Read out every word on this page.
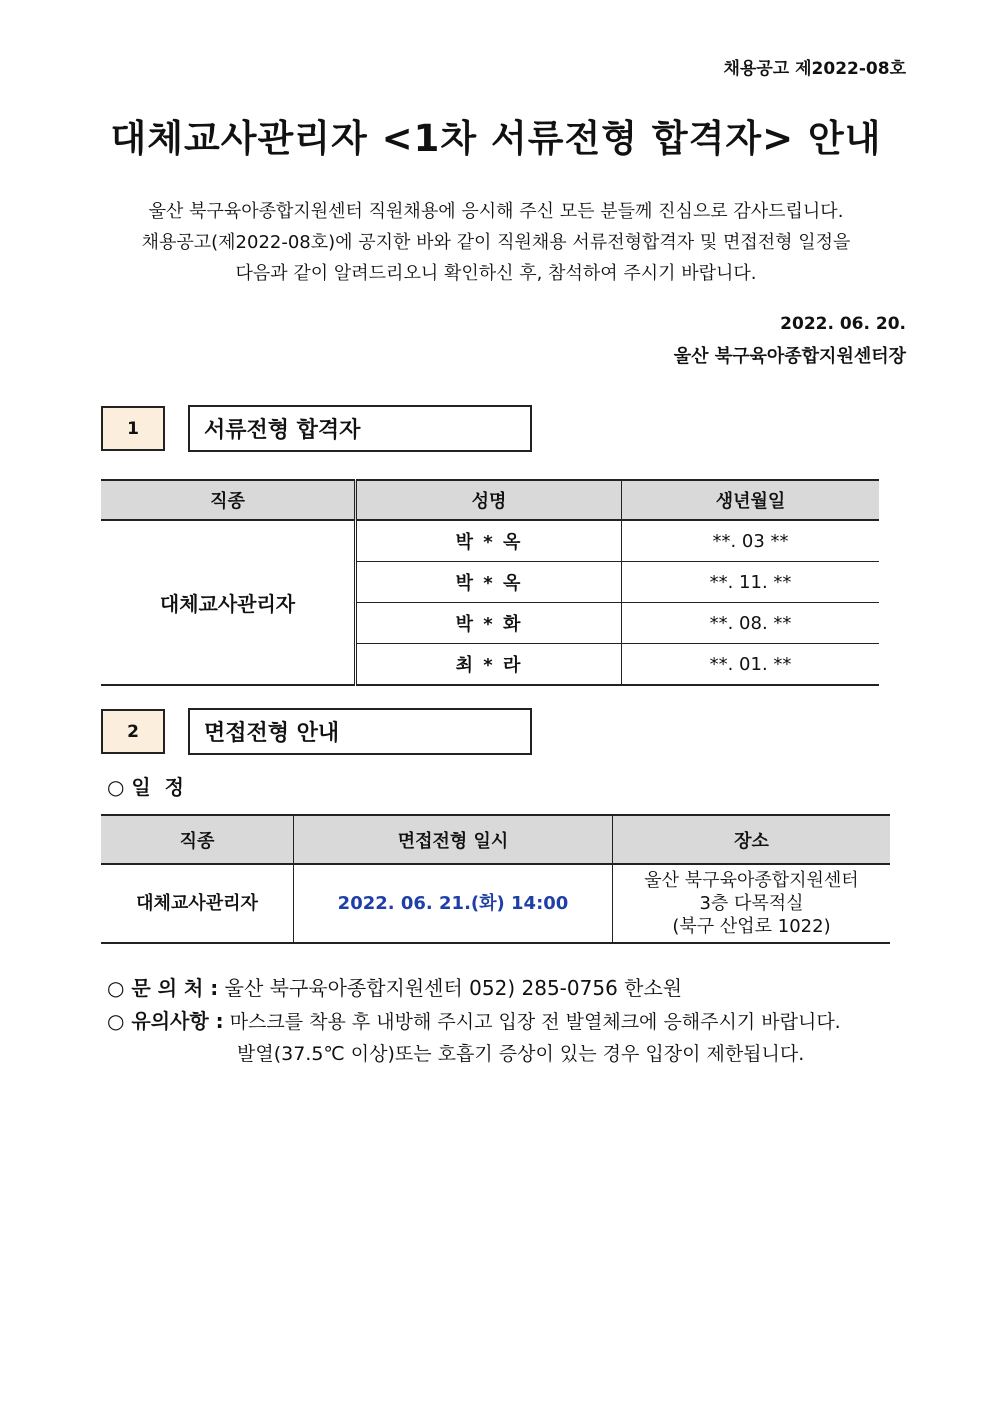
채용공고 제2022-08호
대체교사관리자 <1차 서류전형 합격자> 안내
울산 북구육아종합지원센터 직원채용에 응시해 주신 모든 분들께 진심으로 감사드립니다.
채용공고(제2022-08호)에 공지한 바와 같이 직원채용 서류전형합격자 및 면접전형 일정을
다음과 같이 알려드리오니 확인하신 후, 참석하여 주시기 바랍니다.
2022. 06. 20.
울산 북구육아종합지원센터장
1	서류전형 합격자
직종	성명	생년월일
대체교사관리자	박 * 옥	**. 03 **
	박 * 옥	**. 11. **
	박 * 화	**. 08. **
	최 * 라	**. 01. **
2	면접전형 안내
○ 일  정
직종	면접전형 일시	장소
대체교사관리자	2022. 06. 21.(화) 14:00	울산 북구육아종합지원센터
3층 다목적실
(북구 산업로 1022)
○ 문 의 처 : 울산 북구육아종합지원센터 052) 285-0756 한소원
○ 유의사항 : 마스크를 착용 후 내방해 주시고 입장 전 발열체크에 응해주시기 바랍니다.
발열(37.5℃ 이상)또는 호흡기 증상이 있는 경우 입장이 제한됩니다.
